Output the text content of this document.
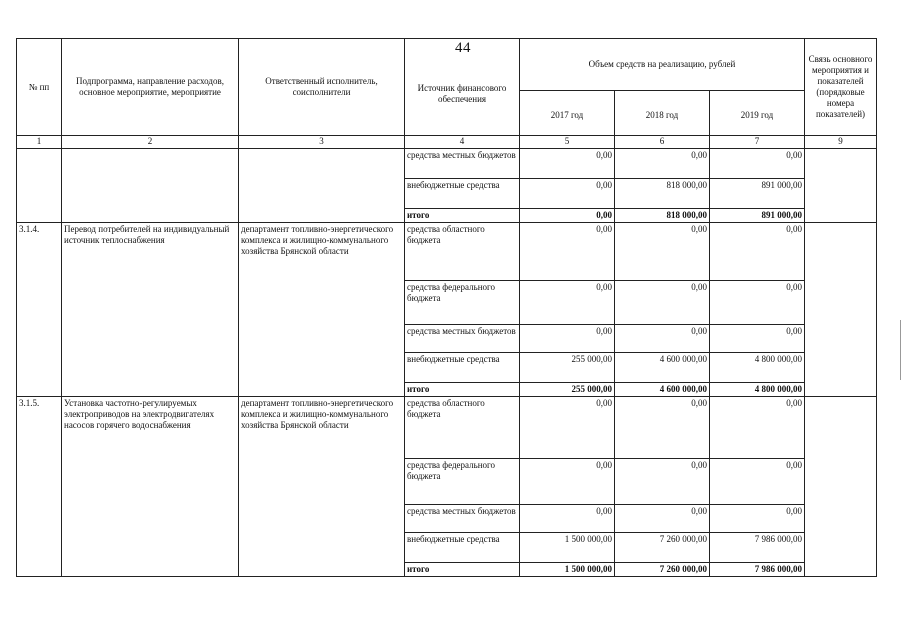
44
№ пп	Подпрограмма, направление расходов, основное мероприятие, мероприятие	Ответственный исполнитель, соисполнители	Источник финансового обеспечения	Объем средств на реализацию, рублей			Связь основного мероприятия и показателей (порядковые номера показателей)
				2017 год	2018 год	2019 год	
1	2	3	4	5	6	7	9
			средства местных бюджетов	0,00	0,00	0,00	
			внебюджетные средства	0,00	818 000,00	891 000,00	
			итого	0,00	818 000,00	891 000,00	
3.1.4.	Перевод потребителей на индивидуальный источник теплоснабжения	департамент топливно-энергетического комплекса и жилищно-коммунального хозяйства Брянской области	средства областного бюджета	0,00	0,00	0,00	
			средства федерального бюджета	0,00	0,00	0,00	
			средства местных бюджетов	0,00	0,00	0,00	
			внебюджетные средства	255 000,00	4 600 000,00	4 800 000,00	
			итого	255 000,00	4 600 000,00	4 800 000,00	
3.1.5.	Установка частотно-регулируемых электроприводов на электродвигателях насосов горячего водоснабжения	департамент топливно-энергетического комплекса и жилищно-коммунального хозяйства Брянской области	средства областного бюджета	0,00	0,00	0,00	
			средства федерального бюджета	0,00	0,00	0,00	
			средства местных бюджетов	0,00	0,00	0,00	
			внебюджетные средства	1 500 000,00	7 260 000,00	7 986 000,00	
			итого	1 500 000,00	7 260 000,00	7 986 000,00	
